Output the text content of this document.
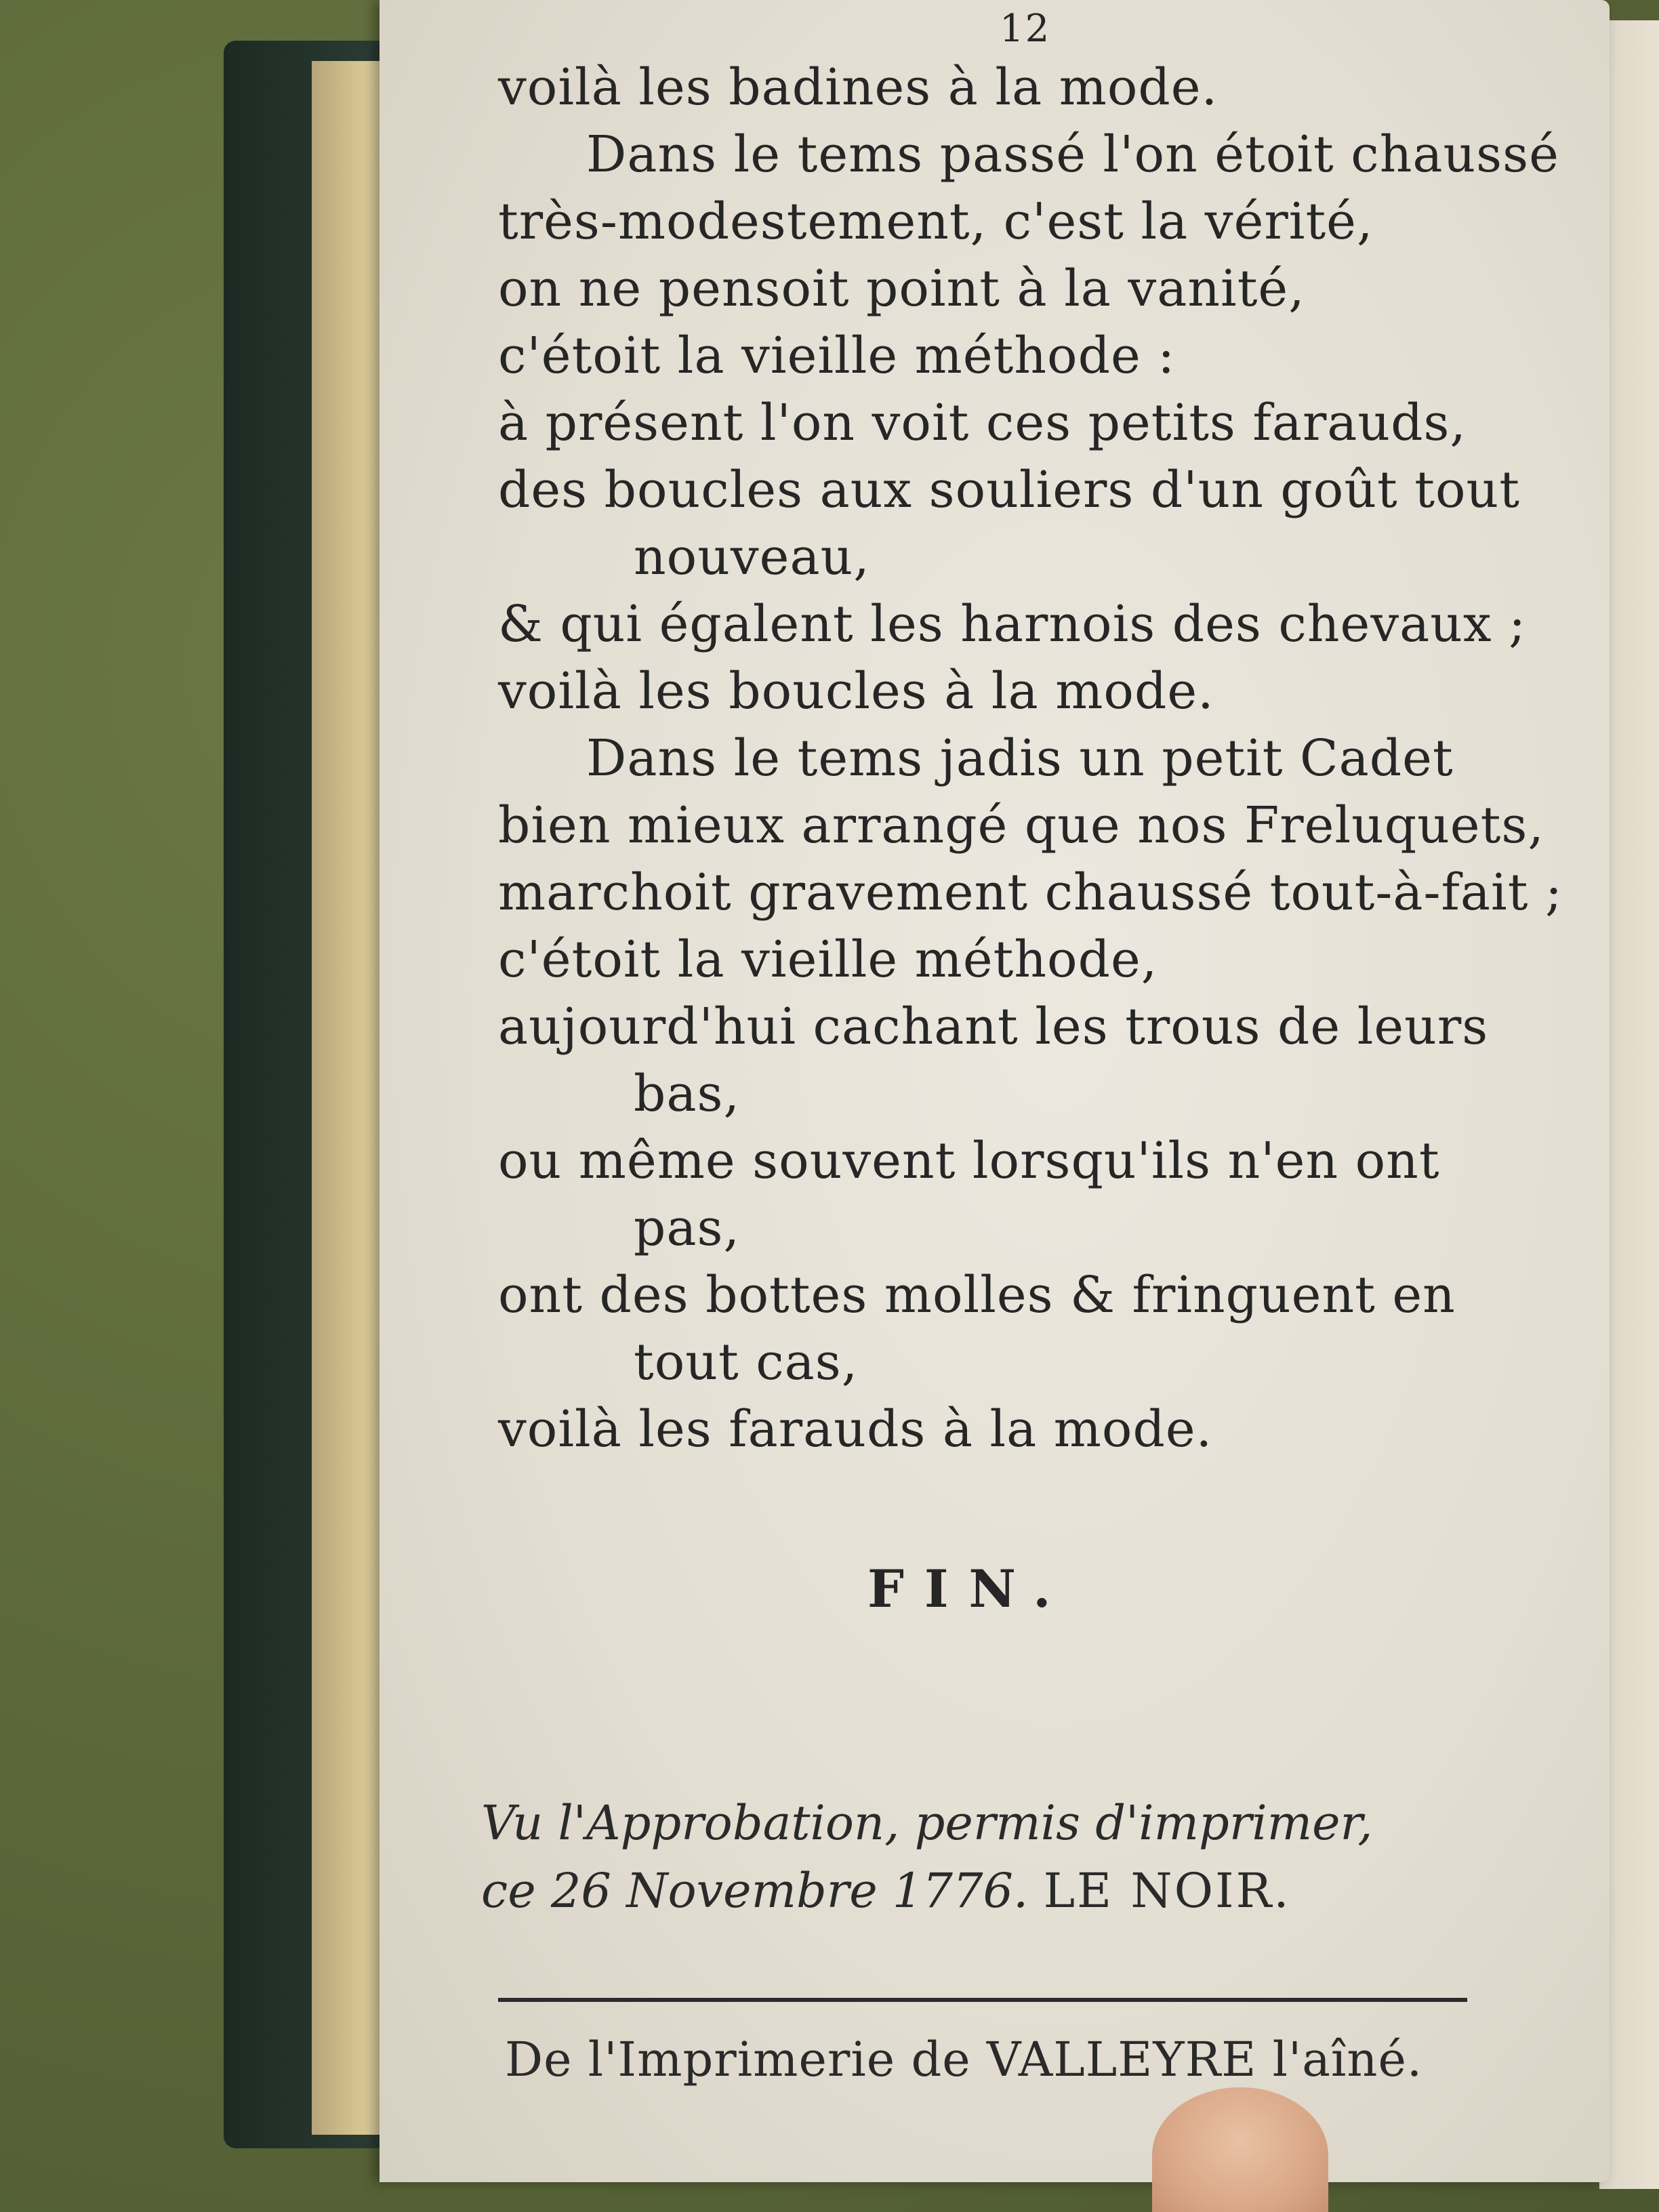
12
voilà les badines à la mode.
Dans le tems passé l'on étoit chaussé
très-modestement, c'est la vérité,
on ne pensoit point à la vanité,
c'étoit la vieille méthode :
à présent l'on voit ces petits farauds,
des boucles aux souliers d'un goût tout
nouveau,
& qui égalent les harnois des chevaux ;
voilà les boucles à la mode.
Dans le tems jadis un petit Cadet
bien mieux arrangé que nos Freluquets,
marchoit gravement chaussé tout-à-fait ;
c'étoit la vieille méthode,
aujourd'hui cachant les trous de leurs
bas,
ou même souvent lorsqu'ils n'en ont
pas,
ont des bottes molles & fringuent en
tout cas,
voilà les farauds à la mode.
FIN.
Vu l'Approbation, permis d'imprimer,
ce 26 Novembre 1776. LE NOIR.
De l'Imprimerie de VALLEYRE l'aîné.
